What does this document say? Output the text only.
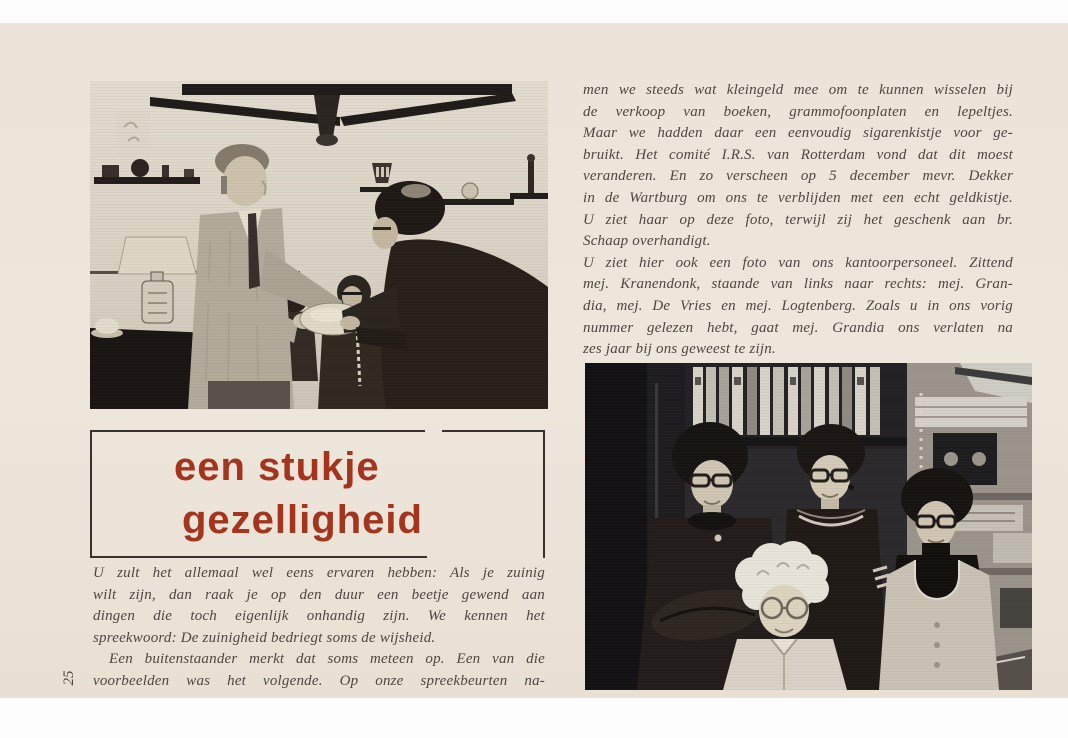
een stukje
gezelligheid
U zult het allemaal wel eens ervaren hebben: Als je zuinig
wilt zijn, dan raak je op den duur een beetje gewend aan
dingen die toch eigenlijk onhandig zijn. We kennen het
spreekwoord: De zuinigheid bedriegt soms de wijsheid.
Een buitenstaander merkt dat soms meteen op. Een van die
voorbeelden was het volgende. Op onze spreekbeurten na-
men we steeds wat kleingeld mee om te kunnen wisselen bij
de verkoop van boeken, grammofoonplaten en lepeltjes.
Maar we hadden daar een eenvoudig sigarenkistje voor ge-
bruikt. Het comité I.R.S. van Rotterdam vond dat dit moest
veranderen. En zo verscheen op 5 december mevr. Dekker
in de Wartburg om ons te verblijden met een echt geldkistje.
U ziet haar op deze foto, terwijl zij het geschenk aan br.
Schaap overhandigt.
U ziet hier ook een foto van ons kantoorpersoneel. Zittend
mej. Kranendonk, staande van links naar rechts: mej. Gran-
dia, mej. De Vries en mej. Logtenberg. Zoals u in ons vorig
nummer gelezen hebt, gaat mej. Grandia ons verlaten na
zes jaar bij ons geweest te zijn.
25
